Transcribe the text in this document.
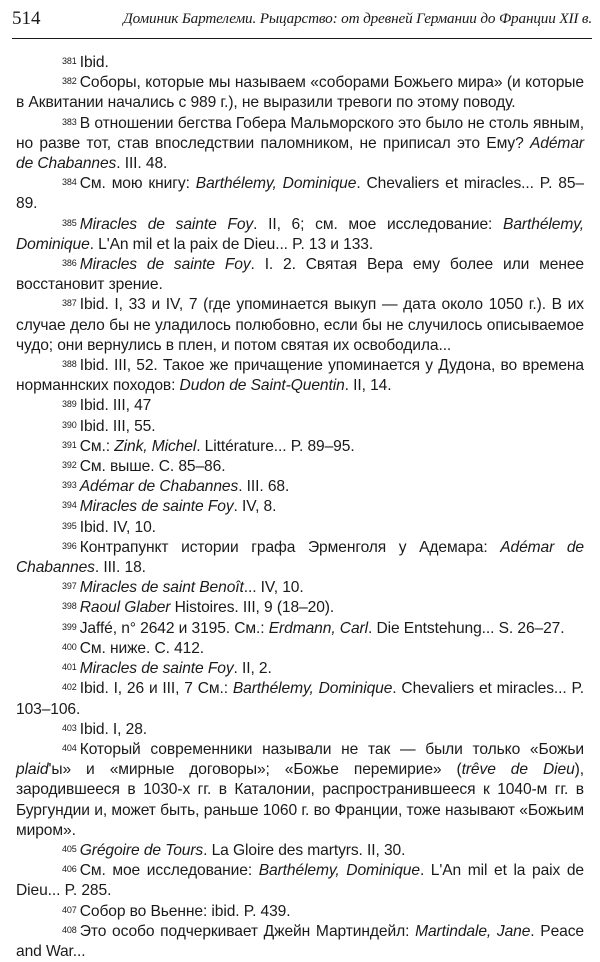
514	Доминик Бартелеми. Рыцарство: от древней Германии до Франции XII в.

$^{381}$ Ibid.

$^{382}$ Соборы, которые мы называем «соборами Божьего мира» (и которые в Аквитании начались с 989 г.), не выразили тревоги по этому поводу.

$^{383}$ В отношении бегства Гобера Мальморского это было не столь явным, но разве тот, став впоследствии паломником, не приписал это Ему? Adémar de Chabannes. III. 48.

$^{384}$ См. мою книгу: Barthélemy, Dominique. Chevaliers et miracles... P. 85–89.

$^{385}$ Miracles de sainte Foy. II, 6; см. мое исследование: Barthélemy, Dominique. L'An mil et la paix de Dieu... P. 13 и 133.

$^{386}$ Miracles de sainte Foy. I. 2. Святая Вера ему более или менее восстановит зрение.

$^{387}$ Ibid. I, 33 и IV, 7 (где упоминается выкуп — дата около 1050 г.). В их случае дело бы не уладилось полюбовно, если бы не случилось описываемое чудо; они вернулись в плен, и потом святая их освободила...

$^{388}$ Ibid. III, 52. Такое же причащение упоминается у Дудона, во времена норманнских походов: Dudon de Saint-Quentin. II, 14.

$^{389}$ Ibid. III, 47

$^{390}$ Ibid. III, 55.

$^{391}$ См.: Zink, Michel. Littérature... P. 89–95.

$^{392}$ См. выше. С. 85–86.

$^{393}$ Adémar de Chabannes. III. 68.

$^{394}$ Miracles de sainte Foy. IV, 8.

$^{395}$ Ibid. IV, 10.

$^{396}$ Контрапункт истории графа Эрменголя у Адемара: Adémar de Chabannes. III. 18.

$^{397}$ Miracles de saint Benoît... IV, 10.

$^{398}$ Raoul Glaber Histoires. III, 9 (18–20).

$^{399}$ Jaffé, n° 2642 и 3195. См.: Erdmann, Carl. Die Entstehung... S. 26–27.

$^{400}$ См. ниже. С. 412.

$^{401}$ Miracles de sainte Foy. II, 2.

$^{402}$ Ibid. I, 26 и III, 7 См.: Barthélemy, Dominique. Chevaliers et miracles... P. 103–106.

$^{403}$ Ibid. I, 28.

$^{404}$ Который современники называли не так — были только «Божьи plaid'ы» и «мирные договоры»; «Божье перемирие» (trêve de Dieu), зародившееся в 1030-х гг. в Каталонии, распространившееся к 1040-м гг. в Бургундии и, может быть, раньше 1060 г. во Франции, тоже называют «Божьим миром».

$^{405}$ Grégoire de Tours. La Gloire des martyrs. II, 30.

$^{406}$ См. мое исследование: Barthélemy, Dominique. L'An mil et la paix de Dieu... P. 285.

$^{407}$ Собор во Вьенне: ibid. P. 439.

$^{408}$ Это особо подчеркивает Джейн Мартиндейл: Martindale, Jane. Peace and War...
